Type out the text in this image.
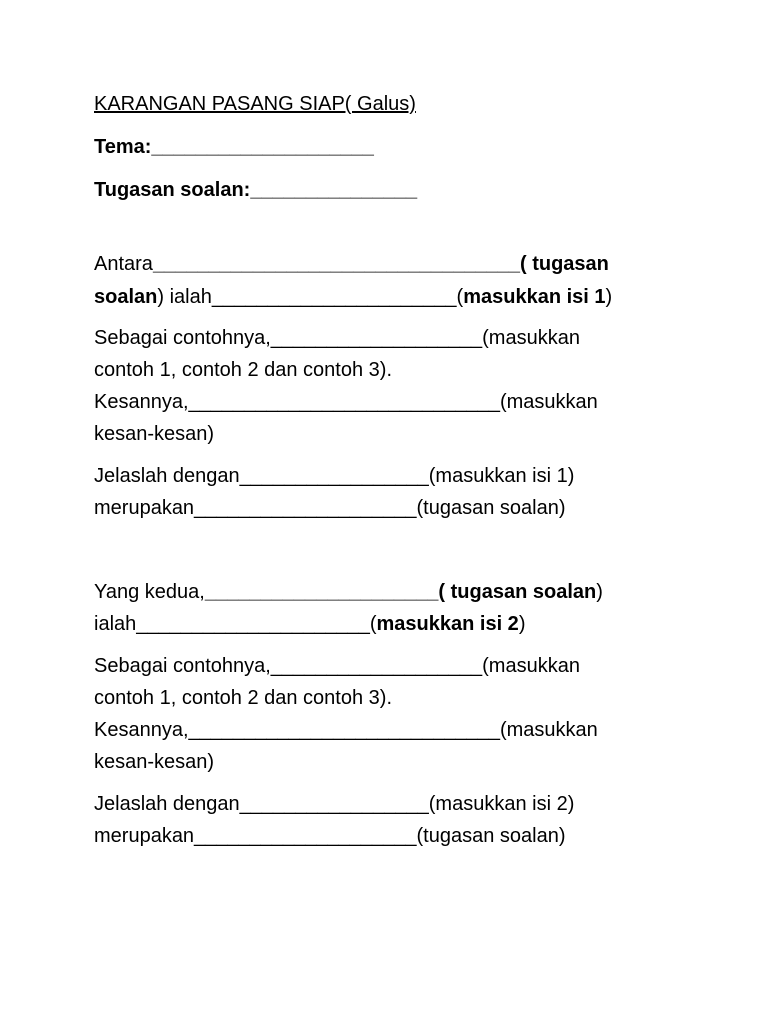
KARANGAN PASANG SIAP( Galus)

Tema:____________________

Tugasan soalan:_______________

Antara_________________________________( tugasan

soalan) ialah______________________(masukkan isi 1)

Sebagai contohnya,___________________(masukkan

contoh 1, contoh 2 dan contoh 3).

Kesannya,____________________________(masukkan

kesan-kesan)

Jelaslah dengan_________________(masukkan isi 1)

merupakan____________________(tugasan soalan)

Yang kedua,_____________________( tugasan soalan)

ialah_____________________(masukkan isi 2)

Sebagai contohnya,___________________(masukkan

contoh 1, contoh 2 dan contoh 3).

Kesannya,____________________________(masukkan

kesan-kesan)

Jelaslah dengan_________________(masukkan isi 2)

merupakan____________________(tugasan soalan)
